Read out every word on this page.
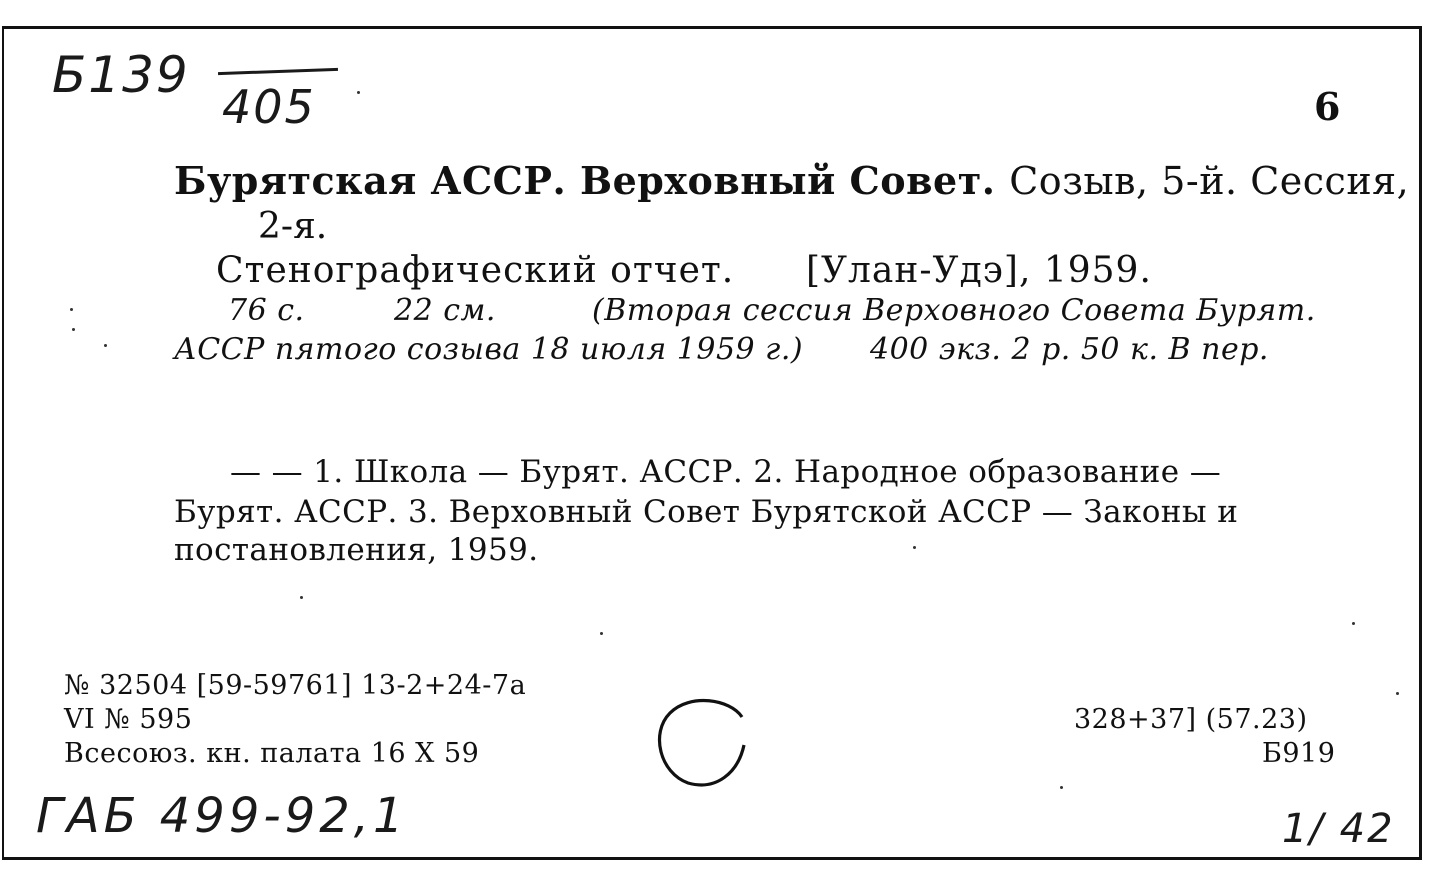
Б139
405	6
Бурятская АССР. Верховный Совет. Созыв, 5-й. Сессия,
2-я.
Стенографический отчет. [Улан-Удэ], 1959.
76 с.	22 см.	(Вторая сессия Верховного Совета Бурят.
АССР пятого созыва 18 июля 1959 г.) 400 экз. 2 р. 50 к. В пер.
— — 1. Школа — Бурят. АССР. 2. Народное образование —
Бурят. АССР. 3. Верховный Совет Бурятской АССР — Законы и
постановления, 1959.
№ 32504 [59-59761] 13-2+24-7а
VI № 595
Всесоюз. кн. палата 16 X 59
328+37] (57.23)
Б919
ГАБ 499-92,1	1/ 42
